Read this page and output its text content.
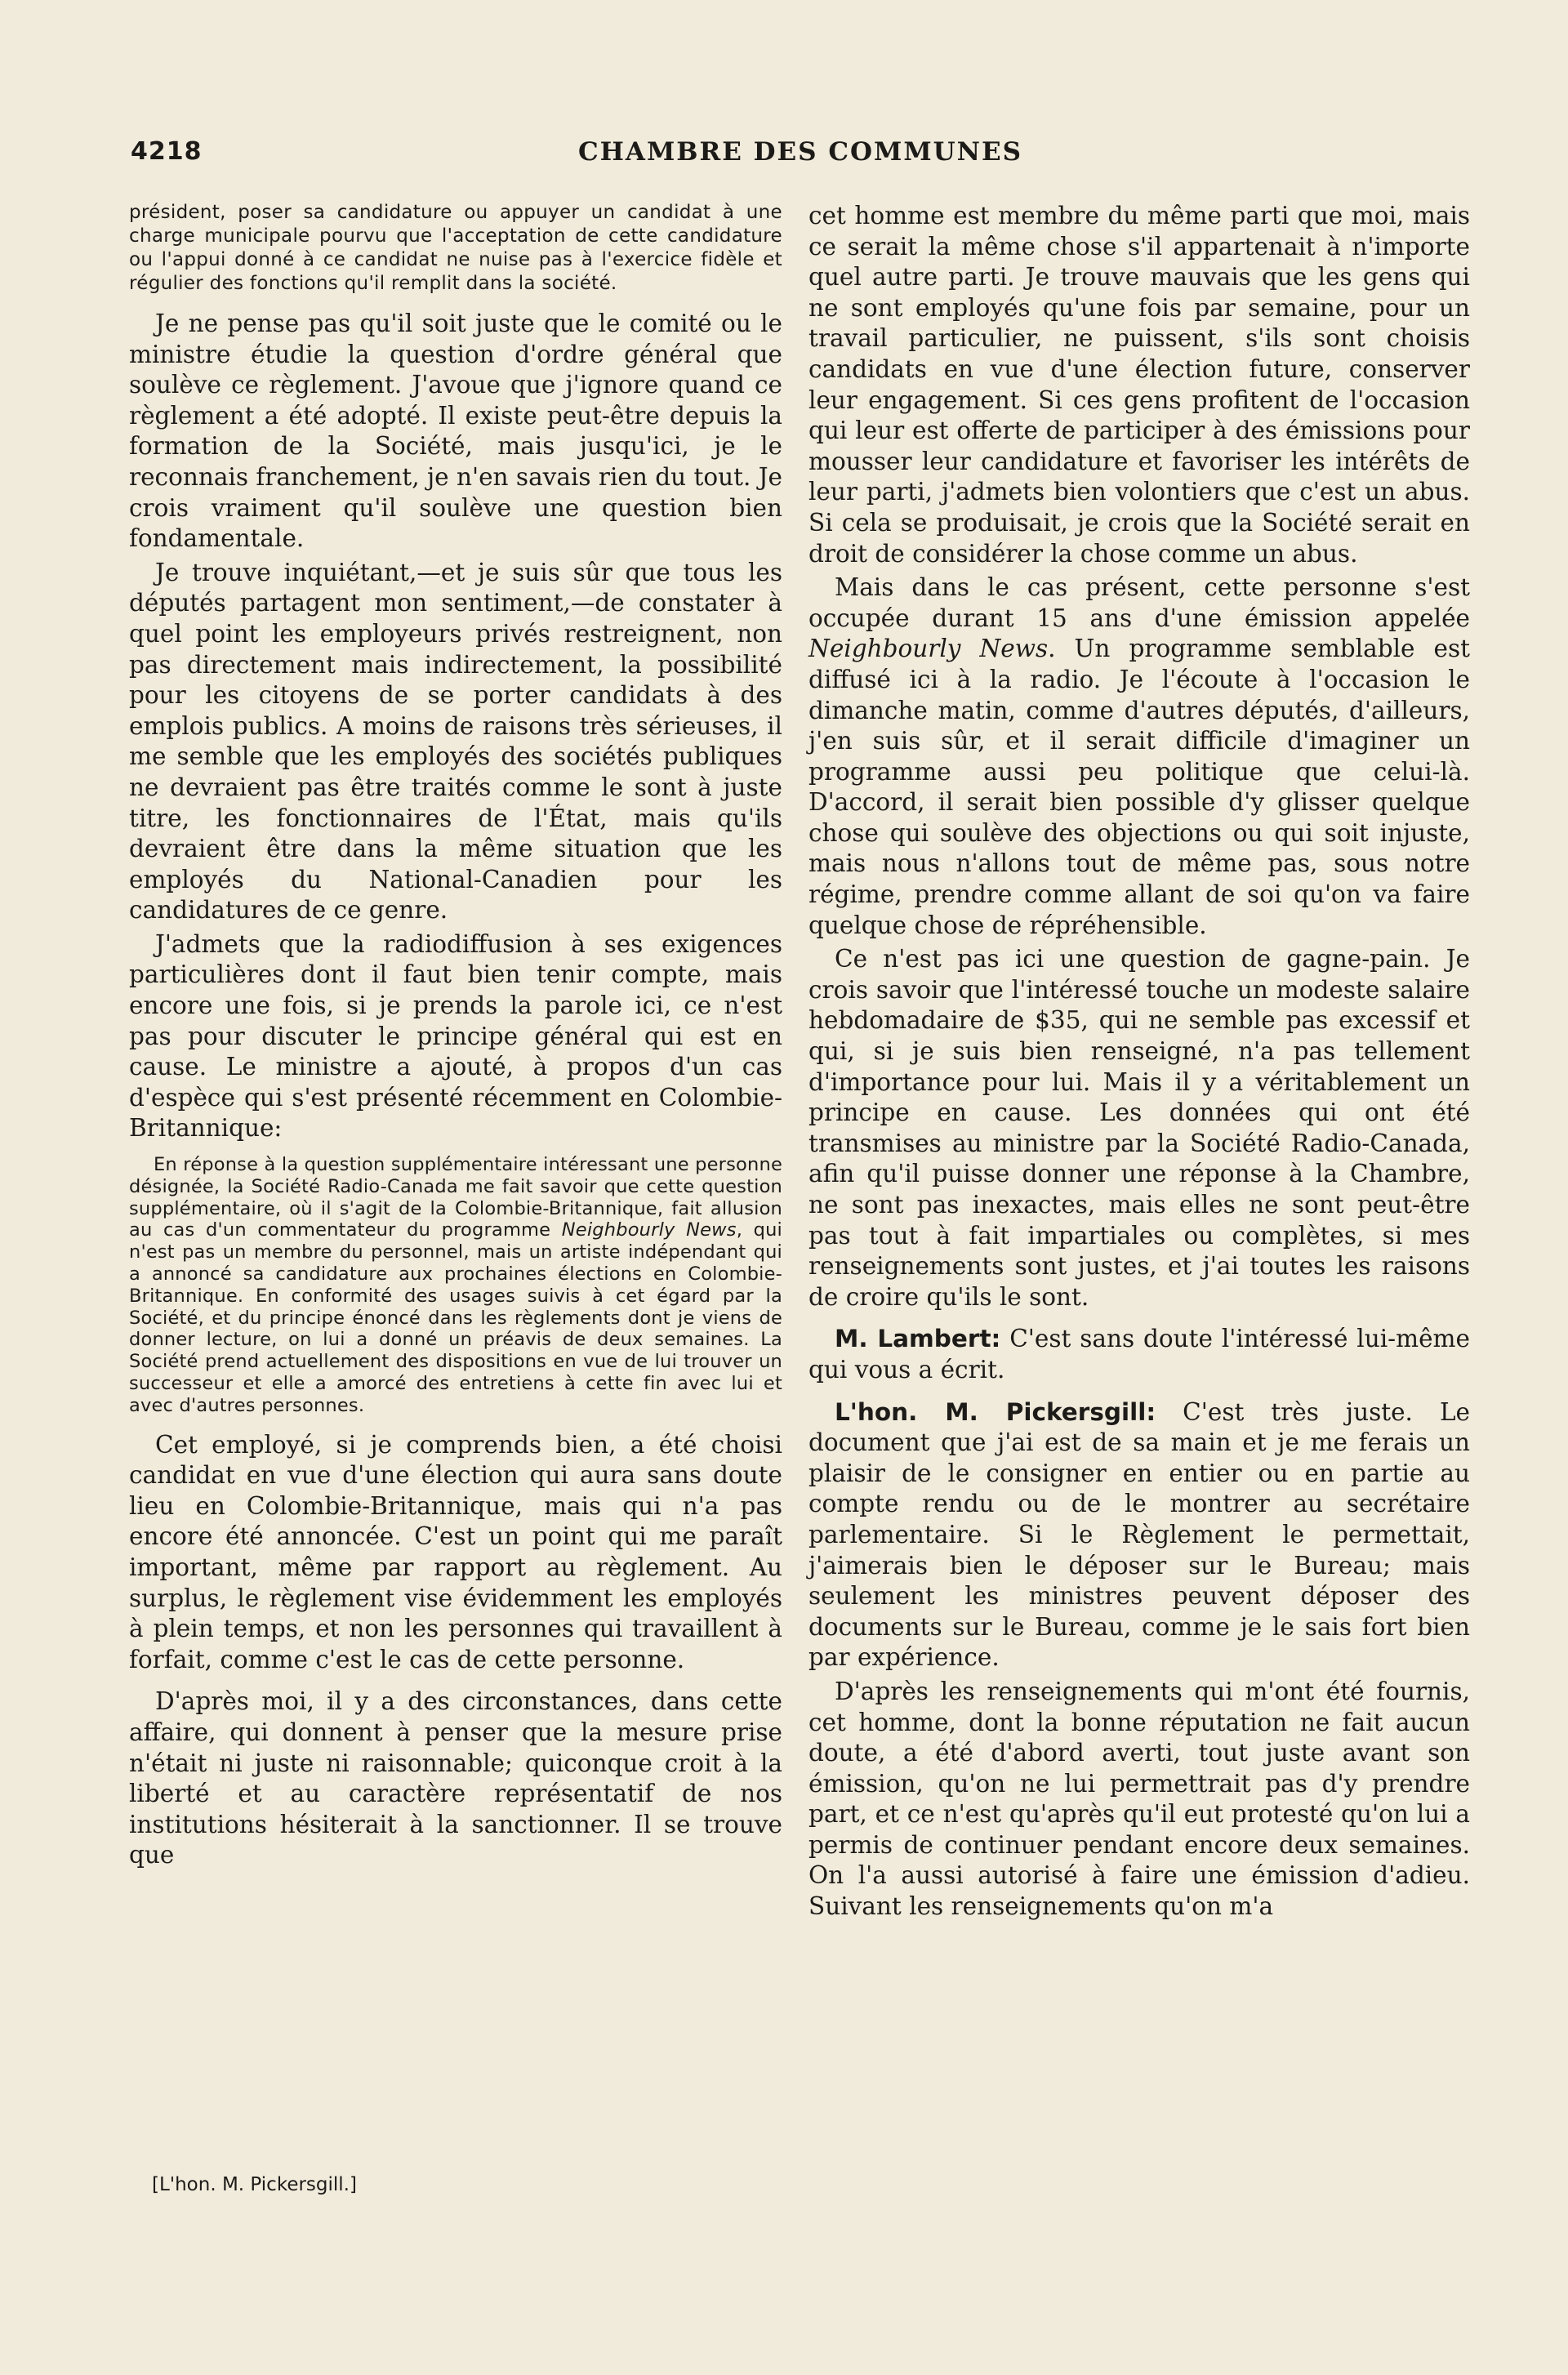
4218	CHAMBRE DES COMMUNES

président, poser sa candidature ou appuyer un candidat à une charge municipale pourvu que l'acceptation de cette candidature ou l'appui donné à ce candidat ne nuise pas à l'exercice fidèle et régulier des fonctions qu'il remplit dans la société.

Je ne pense pas qu'il soit juste que le comité ou le ministre étudie la question d'ordre général que soulève ce règlement. J'avoue que j'ignore quand ce règlement a été adopté. Il existe peut-être depuis la formation de la Société, mais jusqu'ici, je le reconnais franchement, je n'en savais rien du tout. Je crois vraiment qu'il soulève une question bien fondamentale.

Je trouve inquiétant,—et je suis sûr que tous les députés partagent mon sentiment,—de constater à quel point les employeurs privés restreignent, non pas directement mais indirectement, la possibilité pour les citoyens de se porter candidats à des emplois publics. A moins de raisons très sérieuses, il me semble que les employés des sociétés publiques ne devraient pas être traités comme le sont à juste titre, les fonctionnaires de l'État, mais qu'ils devraient être dans la même situation que les employés du National-Canadien pour les candidatures de ce genre.

J'admets que la radiodiffusion à ses exigences particulières dont il faut bien tenir compte, mais encore une fois, si je prends la parole ici, ce n'est pas pour discuter le principe général qui est en cause. Le ministre a ajouté, à propos d'un cas d'espèce qui s'est présenté récemment en Colombie-Britannique:

En réponse à la question supplémentaire intéressant une personne désignée, la Société Radio-Canada me fait savoir que cette question supplémentaire, où il s'agit de la Colombie-Britannique, fait allusion au cas d'un commentateur du programme Neighbourly News, qui n'est pas un membre du personnel, mais un artiste indépendant qui a annoncé sa candidature aux prochaines élections en Colombie-Britannique. En conformité des usages suivis à cet égard par la Société, et du principe énoncé dans les règlements dont je viens de donner lecture, on lui a donné un préavis de deux semaines. La Société prend actuellement des dispositions en vue de lui trouver un successeur et elle a amorcé des entretiens à cette fin avec lui et avec d'autres personnes.

Cet employé, si je comprends bien, a été choisi candidat en vue d'une élection qui aura sans doute lieu en Colombie-Britannique, mais qui n'a pas encore été annoncée. C'est un point qui me paraît important, même par rapport au règlement. Au surplus, le règlement vise évidemment les employés à plein temps, et non les personnes qui travaillent à forfait, comme c'est le cas de cette personne.

D'après moi, il y a des circonstances, dans cette affaire, qui donnent à penser que la mesure prise n'était ni juste ni raisonnable; quiconque croit à la liberté et au caractère représentatif de nos institutions hésiterait à la sanctionner. Il se trouve que

cet homme est membre du même parti que moi, mais ce serait la même chose s'il appartenait à n'importe quel autre parti. Je trouve mauvais que les gens qui ne sont employés qu'une fois par semaine, pour un travail particulier, ne puissent, s'ils sont choisis candidats en vue d'une élection future, conserver leur engagement. Si ces gens profitent de l'occasion qui leur est offerte de participer à des émissions pour mousser leur candidature et favoriser les intérêts de leur parti, j'admets bien volontiers que c'est un abus. Si cela se produisait, je crois que la Société serait en droit de considérer la chose comme un abus.

Mais dans le cas présent, cette personne s'est occupée durant 15 ans d'une émission appelée Neighbourly News. Un programme semblable est diffusé ici à la radio. Je l'écoute à l'occasion le dimanche matin, comme d'autres députés, d'ailleurs, j'en suis sûr, et il serait difficile d'imaginer un programme aussi peu politique que celui-là. D'accord, il serait bien possible d'y glisser quelque chose qui soulève des objections ou qui soit injuste, mais nous n'allons tout de même pas, sous notre régime, prendre comme allant de soi qu'on va faire quelque chose de répréhensible.

Ce n'est pas ici une question de gagne-pain. Je crois savoir que l'intéressé touche un modeste salaire hebdomadaire de $35, qui ne semble pas excessif et qui, si je suis bien renseigné, n'a pas tellement d'importance pour lui. Mais il y a véritablement un principe en cause. Les données qui ont été transmises au ministre par la Société Radio-Canada, afin qu'il puisse donner une réponse à la Chambre, ne sont pas inexactes, mais elles ne sont peut-être pas tout à fait impartiales ou complètes, si mes renseignements sont justes, et j'ai toutes les raisons de croire qu'ils le sont.

M. Lambert: C'est sans doute l'intéressé lui-même qui vous a écrit.

L'hon. M. Pickersgill: C'est très juste. Le document que j'ai est de sa main et je me ferais un plaisir de le consigner en entier ou en partie au compte rendu ou de le montrer au secrétaire parlementaire. Si le Règlement le permettait, j'aimerais bien le déposer sur le Bureau; mais seulement les ministres peuvent déposer des documents sur le Bureau, comme je le sais fort bien par expérience.

D'après les renseignements qui m'ont été fournis, cet homme, dont la bonne réputation ne fait aucun doute, a été d'abord averti, tout juste avant son émission, qu'on ne lui permettrait pas d'y prendre part, et ce n'est qu'après qu'il eut protesté qu'on lui a permis de continuer pendant encore deux semaines. On l'a aussi autorisé à faire une émission d'adieu. Suivant les renseignements qu'on m'a

[L'hon. M. Pickersgill.]
